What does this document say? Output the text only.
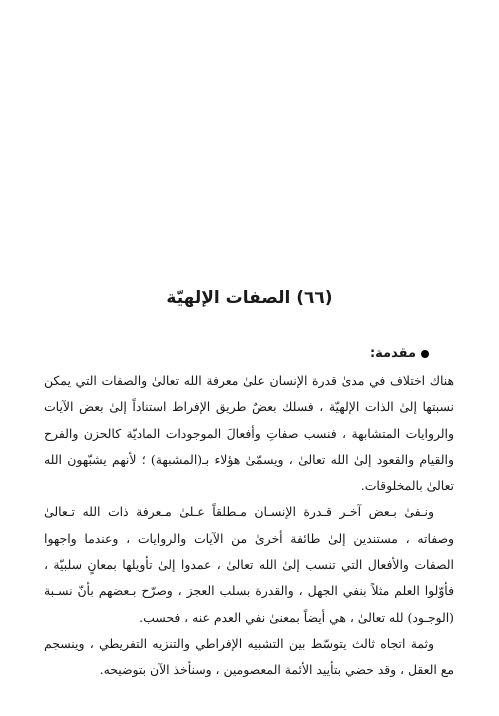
(٦٦) الصفات الإلهيّة
مقدمة:

هناك اختلاف في مدىٰ قدرة الإنسان علىٰ معرفة الله تعالىٰ والصفات التي يمكن نسبتها إلىٰ الذات الإلهيّة ، فسلك بعضٌ طريق الإفراط استناداً إلىٰ بعض الآيات والروايات المتشابهة ، فنسب صفاتِ وأفعالَ الموجودات الماديّة كالحزن والفرح والقيام والقعود إلىٰ الله تعالىٰ ، ويسمّىٰ هؤلاء بـ(المشبهة) ؛ لأنهم يشبّهون الله تعالىٰ بالمخلوقات.

ونـفىٰ بـعض آخـر قـدرة الإنسـان مـطلقاً عـلىٰ مـعرفة ذات الله تـعالىٰ وصفاته ، مستندين إلىٰ طائفة أخرىٰ من الآيات والروايات ، وعندما واجهوا الصفات والأفعال التي تنسب إلىٰ الله تعالىٰ ، عمدوا إلىٰ تأويلها بمعانٍ سلبيّة ، فأوّلوا العلم مثلاً بنفي الجهل ، والقدرة بسلب العجز ، وصرّح بـعضهم بأنّ نسـبة (الوجـود) لله تعالىٰ ، هي أيضاً بمعنىٰ نفي العدم عنه ، فحسب.

وثمة اتجاه ثالث يتوسّط بين التشبيه الإفراطي والتنزيه التفريطي ، وينسجم مع العقل ، وقد حضي بتأييد الأئمة المعصومين ، وسنأخذ الآن بتوضيحه.
